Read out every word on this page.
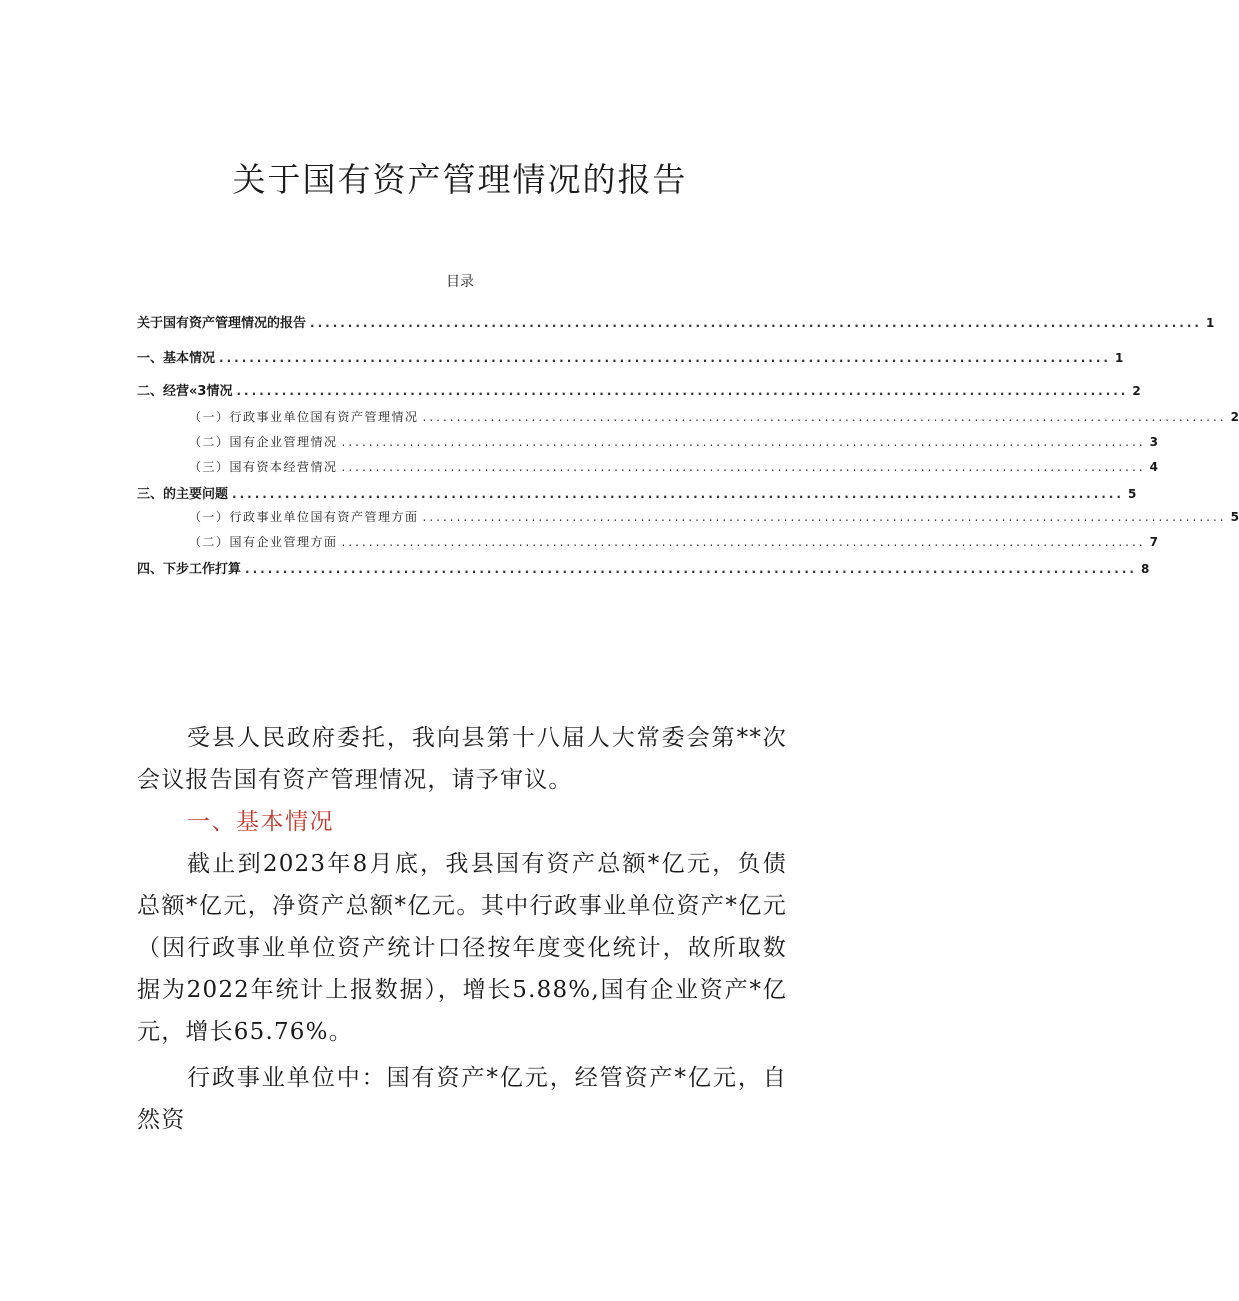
关于国有资产管理情况的报告
目录
关于国有资产管理情况的报告 ...................................................................................................................... 1
一、基本情况 ...................................................................................................................... 1
二、经营«3情况 ...................................................................................................................... 2
（一）行政事业单位国有资产管理情况 ...................................................................................................................... 2
（二）国有企业管理情况 ...................................................................................................................... 3
（三）国有资本经营情况 ...................................................................................................................... 4
三、的主要问题 ...................................................................................................................... 5
（一）行政事业单位国有资产管理方面 ...................................................................................................................... 5
（二）国有企业管理方面 ...................................................................................................................... 7
四、下步工作打算 ...................................................................................................................... 8

受县人民政府委托，我向县第十八届人大常委会第**次会议报告国有资产管理情况，请予审议。

一、基本情况

截止到2023年8月底，我县国有资产总额*亿元，负债总额*亿元，净资产总额*亿元。其中行政事业单位资产*亿元（因行政事业单位资产统计口径按年度变化统计，故所取数据为2022年统计上报数据），增长5.88%,国有企业资产*亿元，增长65.76%。

行政事业单位中：国有资产*亿元，经管资产*亿元，自然资
